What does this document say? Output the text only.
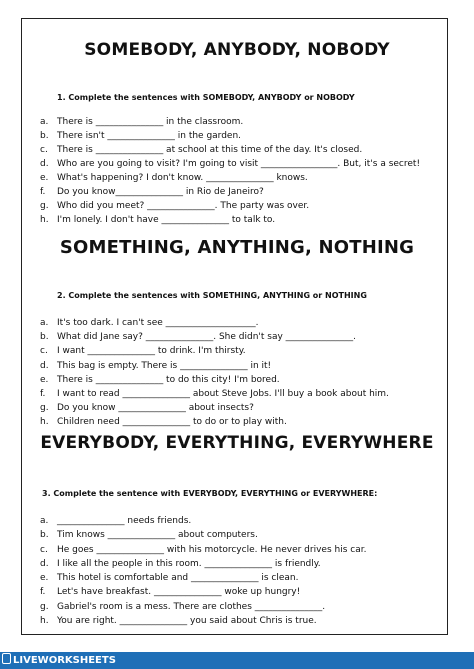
SOMEBODY, ANYBODY, NOBODY
1. Complete the sentences with SOMEBODY, ANYBODY or NOBODY
a. There is _______________ in the classroom.
b. There isn't _______________ in the garden.
c.	There is _______________ at school at this time of the day. It's closed.
d. Who are you going to visit? I'm going to visit _________________. But, it's a secret!
e. What's happening? I don't know. _______________ knows.
f.	Do you know_______________ in Rio de Janeiro?
g. Who did you meet? _______________. The party was over.
h. I'm lonely. I don't have _______________ to talk to.
SOMETHING, ANYTHING, NOTHING
2. Complete the sentences with SOMETHING, ANYTHING or NOTHING
a. It's too dark. I can't see ____________________.
b. What did Jane say? _______________. She didn't say _______________.
c.	I want _______________ to drink. I'm thirsty.
d. This bag is empty. There is _______________ in it!
e. There is _______________ to do this city! I'm bored.
f.	I want to read _______________ about Steve Jobs. I'll buy a book about him.
g. Do you know _______________ about insects?
h. Children need _______________ to do or to play with.
EVERYBODY, EVERYTHING, EVERYWHERE
3. Complete the sentence with EVERYBODY, EVERYTHING or EVERYWHERE:
a. _______________ needs friends.
b. Tim knows _______________ about computers.
c.	He goes _______________ with his motorcycle. He never drives his car.
d. I like all the people in this room. _______________ is friendly.
e. This hotel is comfortable and _______________ is clean.
f.	Let's have breakfast. _______________ woke up hungry!
g. Gabriel's room is a mess. There are clothes _______________.
h. You are right. _______________ you said about Chris is true.
LIVEWORKSHEETS
